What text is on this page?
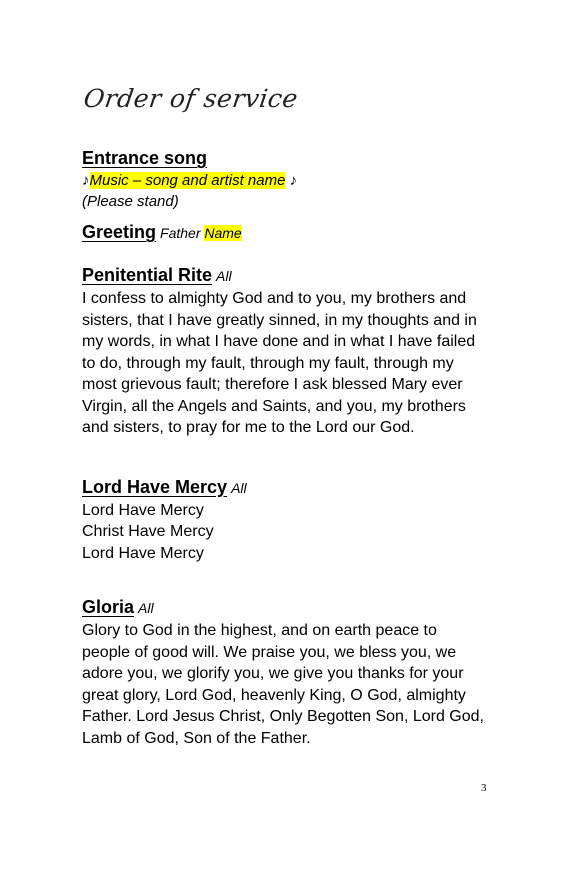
Order of service
Entrance song
♪Music – song and artist name ♪
(Please stand)
Greeting Father Name
Penitential Rite All
I confess to almighty God and to you, my brothers and
sisters, that I have greatly sinned, in my thoughts and in
my words, in what I have done and in what I have failed
to do, through my fault, through my fault, through my
most grievous fault; therefore I ask blessed Mary ever
Virgin, all the Angels and Saints, and you, my brothers
and sisters, to pray for me to the Lord our God.
Lord Have Mercy All
Lord Have Mercy
Christ Have Mercy
Lord Have Mercy
Gloria All
Glory to God in the highest, and on earth peace to
people of good will. We praise you, we bless you, we
adore you, we glorify you, we give you thanks for your
great glory, Lord God, heavenly King, O God, almighty
Father. Lord Jesus Christ, Only Begotten Son, Lord God,
Lamb of God, Son of the Father.
3
